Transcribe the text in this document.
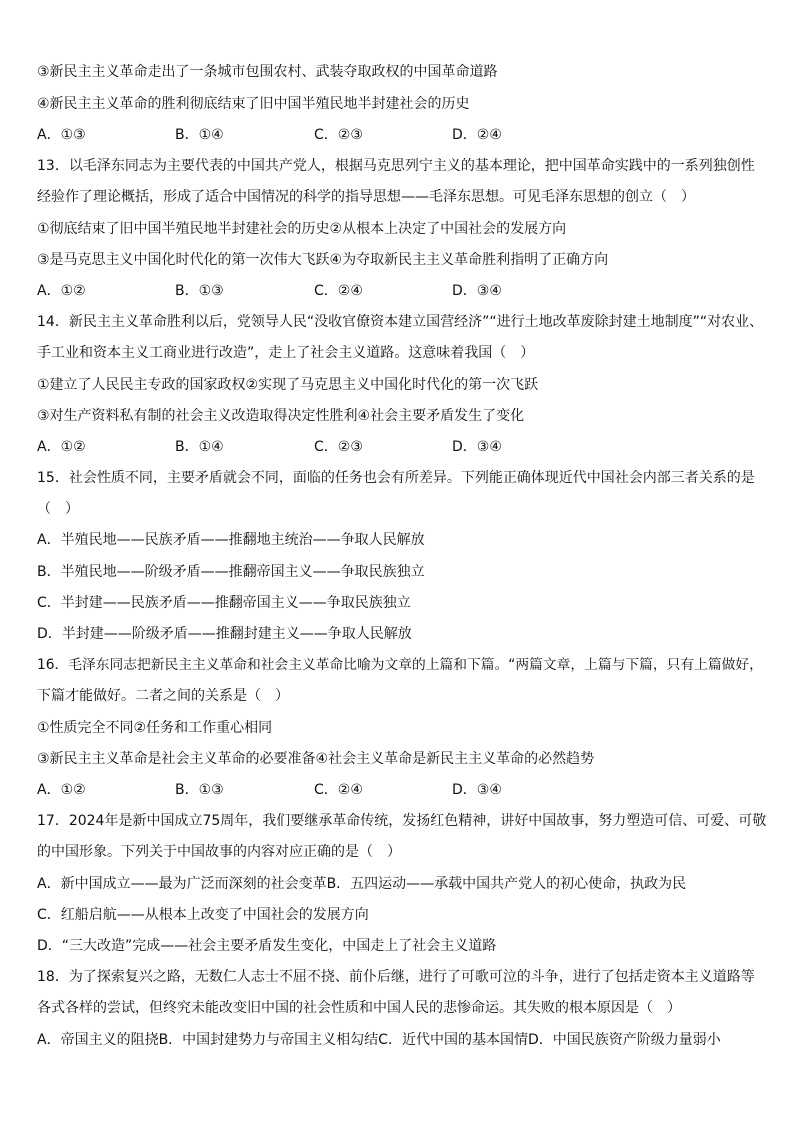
③新民主主义革命走出了一条城市包围农村、武装夺取政权的中国革命道路
④新民主主义革命的胜利彻底结束了旧中国半殖民地半封建社会的历史
A．①③	B．①④	C．②③	D．②④
13．以毛泽东同志为主要代表的中国共产党人，根据马克思列宁主义的基本理论，把中国革命实践中的一系列独创性
经验作了理论概括，形成了适合中国情况的科学的指导思想——毛泽东思想。可见毛泽东思想的创立（　）
①彻底结束了旧中国半殖民地半封建社会的历史②从根本上决定了中国社会的发展方向
③是马克思主义中国化时代化的第一次伟大飞跃④为夺取新民主主义革命胜利指明了正确方向
A．①②	B．①③	C．②④	D．③④
14．新民主主义革命胜利以后，党领导人民“没收官僚资本建立国营经济”“进行土地改革废除封建土地制度”“对农业、
手工业和资本主义工商业进行改造”，走上了社会主义道路。这意味着我国（　）
①建立了人民民主专政的国家政权②实现了马克思主义中国化时代化的第一次飞跃
③对生产资料私有制的社会主义改造取得决定性胜利④社会主要矛盾发生了变化
A．①②	B．①④	C．②③	D．③④
15．社会性质不同，主要矛盾就会不同，面临的任务也会有所差异。下列能正确体现近代中国社会内部三者关系的是
（　）
A．半殖民地——民族矛盾——推翻地主统治——争取人民解放
B．半殖民地——阶级矛盾——推翻帝国主义——争取民族独立
C．半封建——民族矛盾——推翻帝国主义——争取民族独立
D．半封建——阶级矛盾——推翻封建主义——争取人民解放
16．毛泽东同志把新民主主义革命和社会主义革命比喻为文章的上篇和下篇。“两篇文章，上篇与下篇，只有上篇做好，
下篇才能做好。二者之间的关系是（　）
①性质完全不同②任务和工作重心相同
③新民主主义革命是社会主义革命的必要准备④社会主义革命是新民主主义革命的必然趋势
A．①②	B．①③	C．②④	D．③④
17．2024年是新中国成立75周年，我们要继承革命传统，发扬红色精神，讲好中国故事，努力塑造可信、可爱、可敬
的中国形象。下列关于中国故事的内容对应正确的是（　）
A．新中国成立——最为广泛而深刻的社会变革B．五四运动——承载中国共产党人的初心使命，执政为民
C．红船启航——从根本上改变了中国社会的发展方向
D．“三大改造”完成——社会主要矛盾发生变化，中国走上了社会主义道路
18．为了探索复兴之路，无数仁人志士不屈不挠、前仆后继，进行了可歌可泣的斗争，进行了包括走资本主义道路等
各式各样的尝试，但终究未能改变旧中国的社会性质和中国人民的悲惨命运。其失败的根本原因是（　）
A．帝国主义的阻挠B．中国封建势力与帝国主义相勾结C．近代中国的基本国情D．中国民族资产阶级力量弱小
